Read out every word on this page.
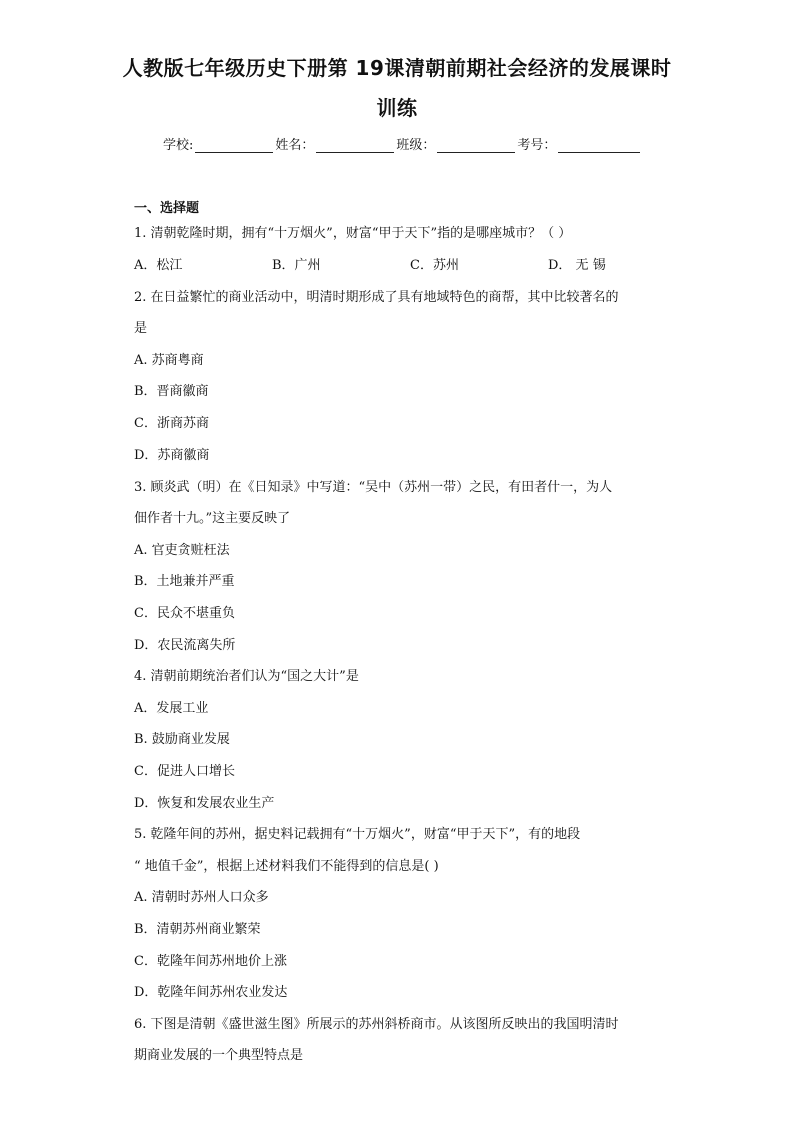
人教版七年级历史下册第 19课清朝前期社会经济的发展课时
训练
学校:	姓名：	班级：	考号：
一、选择题
1. 清朝乾隆时期，拥有“十万烟火”，财富“甲于天下”指的是哪座城市？（ ）
A．松江	B．广州	C．苏州	D． 无 锡
2. 在日益繁忙的商业活动中，明清时期形成了具有地域特色的商帮，其中比较著名的
是
A. 苏商粤商
B．晋商徽商
C．浙商苏商
D．苏商徽商
3. 顾炎武（明）在《日知录》中写道：“吴中（苏州一带）之民，有田者什一，为人
佃作者十九。”这主要反映了
A. 官吏贪赃枉法
B．土地兼并严重
C．民众不堪重负
D．农民流离失所
4. 清朝前期统治者们认为“国之大计”是
A．发展工业
B. 鼓励商业发展
C．促进人口增长
D．恢复和发展农业生产
5. 乾隆年间的苏州，据史料记载拥有“十万烟火”，财富“甲于天下”，有的地段
“ 地值千金”，根据上述材料我们不能得到的信息是( )
A. 清朝时苏州人口众多
B．清朝苏州商业繁荣
C．乾隆年间苏州地价上涨
D．乾隆年间苏州农业发达
6. 下图是清朝《盛世滋生图》所展示的苏州斜桥商市。从该图所反映出的我国明清时
期商业发展的一个典型特点是
